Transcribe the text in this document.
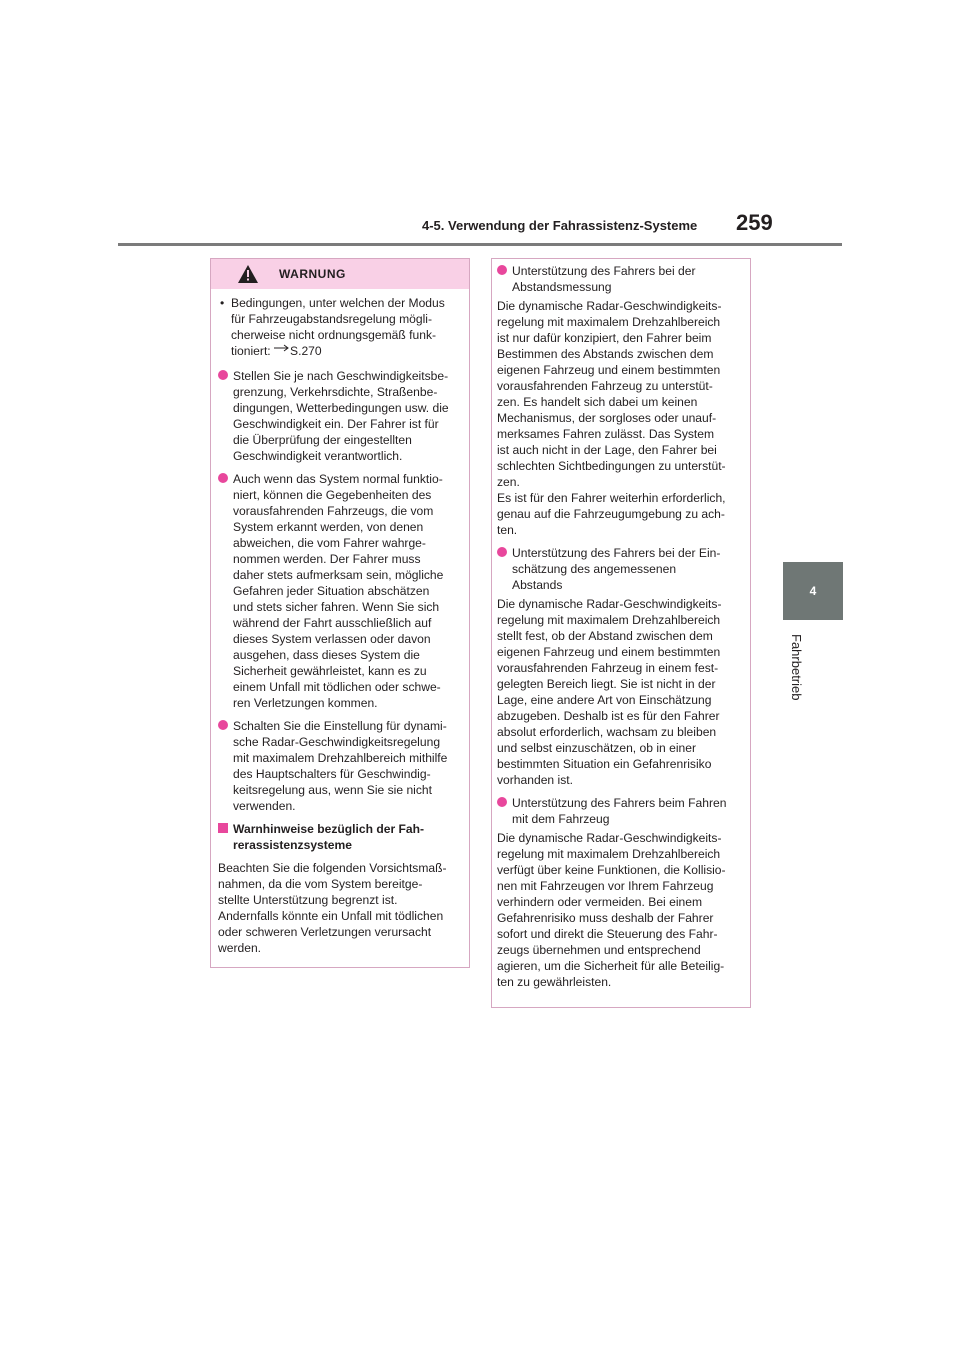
4-5. Verwendung der Fahrassistenz-Systeme 259
4
Fahrbetrieb
WARNUNG
• Bedingungen, unter welchen der Modus
für Fahrzeugabstandsregelung mögli-
cherweise nicht ordnungsgemäß funk-
tioniert: S.270
Stellen Sie je nach Geschwindigkeitsbe-
grenzung, Verkehrsdichte, Straßenbe-
dingungen, Wetterbedingungen usw. die
Geschwindigkeit ein. Der Fahrer ist für
die Überprüfung der eingestellten
Geschwindigkeit verantwortlich.
Auch wenn das System normal funktio-
niert, können die Gegebenheiten des
vorausfahrenden Fahrzeugs, die vom
System erkannt werden, von denen
abweichen, die vom Fahrer wahrge-
nommen werden. Der Fahrer muss
daher stets aufmerksam sein, mögliche
Gefahren jeder Situation abschätzen
und stets sicher fahren. Wenn Sie sich
während der Fahrt ausschließlich auf
dieses System verlassen oder davon
ausgehen, dass dieses System die
Sicherheit gewährleistet, kann es zu
einem Unfall mit tödlichen oder schwe-
ren Verletzungen kommen.
Schalten Sie die Einstellung für dynami-
sche Radar-Geschwindigkeitsregelung
mit maximalem Drehzahlbereich mithilfe
des Hauptschalters für Geschwindig-
keitsregelung aus, wenn Sie sie nicht
verwenden.
Warnhinweise bezüglich der Fah-
rerassistenzsysteme
Beachten Sie die folgenden Vorsichtsmaß-
nahmen, da die vom System bereitge-
stellte Unterstützung begrenzt ist.
Andernfalls könnte ein Unfall mit tödlichen
oder schweren Verletzungen verursacht
werden.
Unterstützung des Fahrers bei der
Abstandsmessung
Die dynamische Radar-Geschwindigkeits-
regelung mit maximalem Drehzahlbereich
ist nur dafür konzipiert, den Fahrer beim
Bestimmen des Abstands zwischen dem
eigenen Fahrzeug und einem bestimmten
vorausfahrenden Fahrzeug zu unterstüt-
zen. Es handelt sich dabei um keinen
Mechanismus, der sorgloses oder unauf-
merksames Fahren zulässt. Das System
ist auch nicht in der Lage, den Fahrer bei
schlechten Sichtbedingungen zu unterstüt-
zen.
Es ist für den Fahrer weiterhin erforderlich,
genau auf die Fahrzeugumgebung zu ach-
ten.
Unterstützung des Fahrers bei der Ein-
schätzung des angemessenen
Abstands
Die dynamische Radar-Geschwindigkeits-
regelung mit maximalem Drehzahlbereich
stellt fest, ob der Abstand zwischen dem
eigenen Fahrzeug und einem bestimmten
vorausfahrenden Fahrzeug in einem fest-
gelegten Bereich liegt. Sie ist nicht in der
Lage, eine andere Art von Einschätzung
abzugeben. Deshalb ist es für den Fahrer
absolut erforderlich, wachsam zu bleiben
und selbst einzuschätzen, ob in einer
bestimmten Situation ein Gefahrenrisiko
vorhanden ist.
Unterstützung des Fahrers beim Fahren
mit dem Fahrzeug
Die dynamische Radar-Geschwindigkeits-
regelung mit maximalem Drehzahlbereich
verfügt über keine Funktionen, die Kollisio-
nen mit Fahrzeugen vor Ihrem Fahrzeug
verhindern oder vermeiden. Bei einem
Gefahrenrisiko muss deshalb der Fahrer
sofort und direkt die Steuerung des Fahr-
zeugs übernehmen und entsprechend
agieren, um die Sicherheit für alle Beteilig-
ten zu gewährleisten.
